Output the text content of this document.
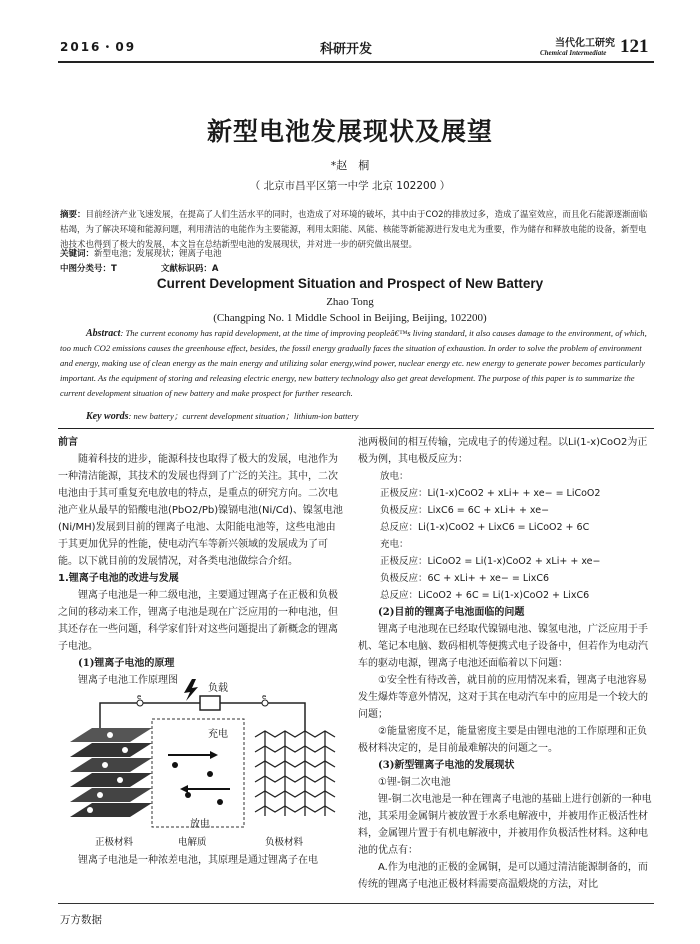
2016・09	科研开发	当代化工研究
Chemical Intermediate 121
新型电池发展现状及展望
*赵　桐
（ 北京市昌平区第一中学 北京 102200 ）
摘要：目前经济产业飞速发展，在提高了人们生活水平的同时，也造成了对环境的破坏，其中由于CO2的排放过多，造成了温室效应，而且化石能源逐渐面临枯竭，为了解决环境和能源问题，利用清洁的电能作为主要能源，利用太阳能、风能、核能等新能源进行发电尤为重要，作为储存和释放电能的设备，新型电池技术也得到了极大的发展，本文旨在总结新型电池的发展现状，并对进一步的研究做出展望。
关键词：新型电池；发展现状；锂离子电池
中图分类号：T	文献标识码：A
Current Development Situation and Prospect of New Battery
Zhao Tong
(Changping No. 1 Middle School in Beijing, Beijing, 102200)
Abstract: The current economy has rapid development, at the time of improving peopleâ€™s living standard, it also causes damage to the environment, of which, too much CO2 emissions causes the greenhouse effect, besides, the fossil energy gradually faces the situation of exhaustion. In order to solve the problem of environment and energy, making use of clean energy as the main energy and utilizing solar energy,wind power, nuclear energy etc. new energy to generate power becomes particularly important. As the equipment of storing and releasing electric energy, new battery technology also get great development. The purpose of this paper is to summarize the current development situation of new battery and make prospect for further research.
Key words: new battery；current development situation；lithium-ion battery

前言

随着科技的进步，能源科技也取得了极大的发展，电池作为一种清洁能源，其技术的发展也得到了广泛的关注。其中，二次电池由于其可重复充电放电的特点，是重点的研究方向。二次电池产业从最早的铅酸电池(PbO2/Pb)镍镉电池(Ni/Cd)、镍氢电池(Ni/MH)发展到目前的锂离子电池、太阳能电池等，这些电池由于其更加优异的性能，使电动汽车等新兴领域的发展成为了可能。以下就目前的发展情况，对各类电池做综合介绍。

1.锂离子电池的改进与发展

锂离子电池是一种二级电池，主要通过锂离子在正极和负极之间的移动来工作，锂离子电池是现在广泛应用的一种电池，但其还存在一些问题，科学家们针对这些问题提出了新概念的锂离子电池。

(1)锂离子电池的原理

锂离子电池工作原理图

负载
e	e
充电
放电
正极材料	电解质	负极材料

锂离子电池是一种浓差电池，其原理是通过锂离子在电

池两极间的相互传输，完成电子的传递过程。以Li(1-x)CoO2为正极为例，其电极反应为：

放电：

正极反应：Li(1-x)CoO2 + xLi+ + xe− = LiCoO2

负极反应：LixC6 = 6C + xLi+ + xe−

总反应：Li(1-x)CoO2 + LixC6 = LiCoO2 + 6C

充电：

正极反应：LiCoO2 = Li(1-x)CoO2 + xLi+ + xe−

负极反应：6C + xLi+ + xe− = LixC6

总反应：LiCoO2 + 6C = Li(1-x)CoO2 + LixC6

(2)目前的锂离子电池面临的问题

锂离子电池现在已经取代镍镉电池、镍氢电池，广泛应用于手机、笔记本电脑、数码相机等便携式电子设备中，但若作为电动汽车的驱动电源，锂离子电池还面临着以下问题：

①安全性有待改善，就目前的应用情况来看，锂离子电池容易发生爆炸等意外情况，这对于其在电动汽车中的应用是一个较大的问题；

②能量密度不足，能量密度主要是由锂电池的工作原理和正负极材料决定的，是目前最难解决的问题之一。

(3)新型锂离子电池的发展现状

①锂-铜二次电池

锂-铜二次电池是一种在锂离子电池的基础上进行创新的一种电池，其采用金属铜片被放置于水系电解液中，并被用作正极活性材料，金属锂片置于有机电解液中，并被用作负极活性材料。这种电池的优点有：

A.作为电池的正极的金属铜，是可以通过清洁能源制备的，而传统的锂离子电池正极材料需要高温煅烧的方法，对比

万方数据
